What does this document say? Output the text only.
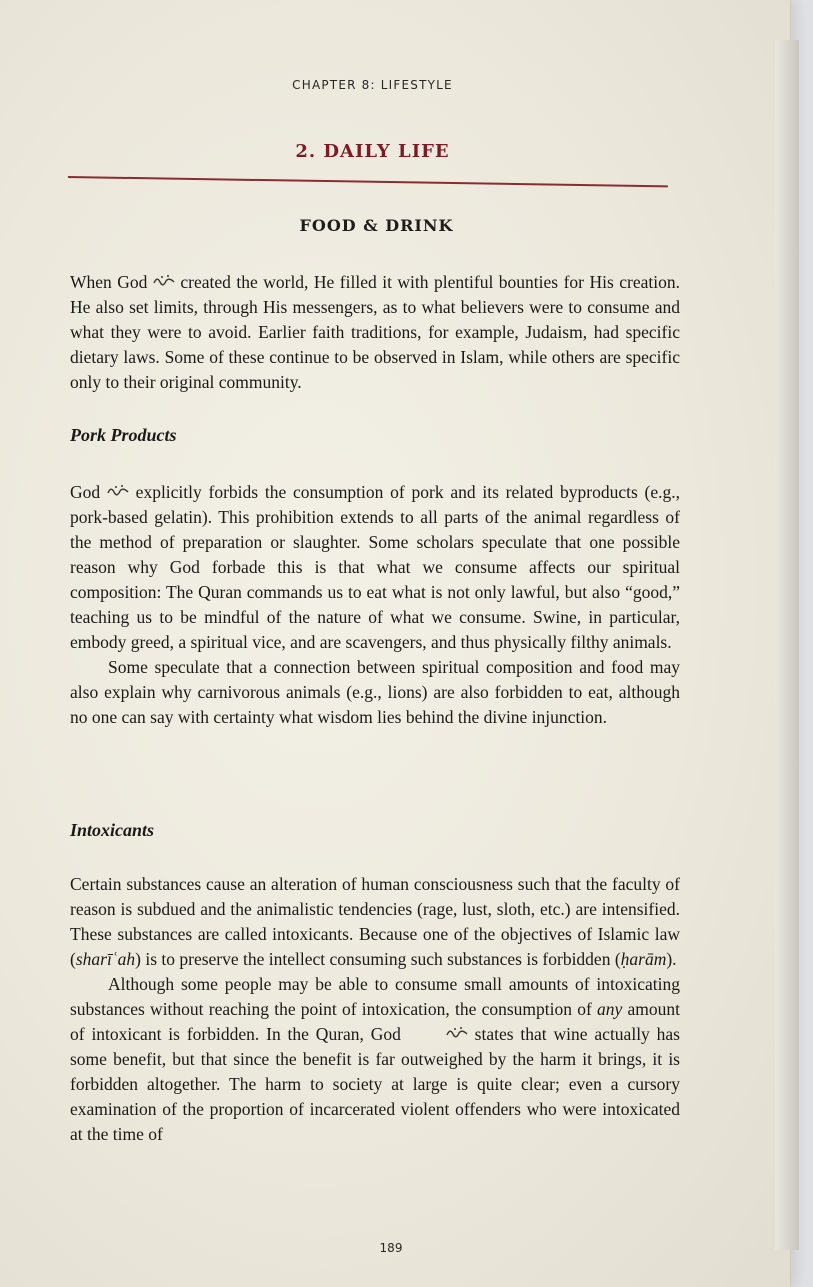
CHAPTER 8: LIFESTYLE
2. DAILY LIFE
FOOD & DRINK

When God created the world, He filled it with plentiful bounties for His creation. He also set limits, through His messengers, as to what believers were to consume and what they were to avoid. Earlier faith traditions, for example, Judaism, had specific dietary laws. Some of these continue to be observed in Islam, while others are specific only to their original community.

Pork Products

God explicitly forbids the consumption of pork and its related byproducts (e.g., pork-based gelatin). This prohibition extends to all parts of the animal regardless of the method of preparation or slaughter. Some scholars speculate that one possible reason why God forbade this is that what we consume affects our spiritual composition: The Quran commands us to eat what is not only lawful, but also “good,” teaching us to be mindful of the nature of what we consume. Swine, in particular, embody greed, a spiritual vice, and are scavengers, and thus physically filthy animals.

Some speculate that a connection between spiritual composition and food may also explain why carnivorous animals (e.g., lions) are also forbidden to eat, although no one can say with certainty what wisdom lies behind the divine injunction.

Intoxicants

Certain substances cause an alteration of human consciousness such that the faculty of reason is subdued and the animalistic tendencies (rage, lust, sloth, etc.) are intensified. These substances are called intoxicants. Because one of the objectives of Islamic law (sharīʿah) is to preserve the intellect consuming such substances is forbidden (ḥarām).

Although some people may be able to consume small amounts of intoxicating substances without reaching the point of intoxication, the consumption of any amount of intoxicant is forbidden. In the Quran, God	states that wine actually has some benefit, but that since the benefit is far outweighed by the harm it brings, it is forbidden altogether. The harm to society at large is quite clear; even a cursory examination of the proportion of incarcerated violent offenders who were intoxicated at the time of

189
